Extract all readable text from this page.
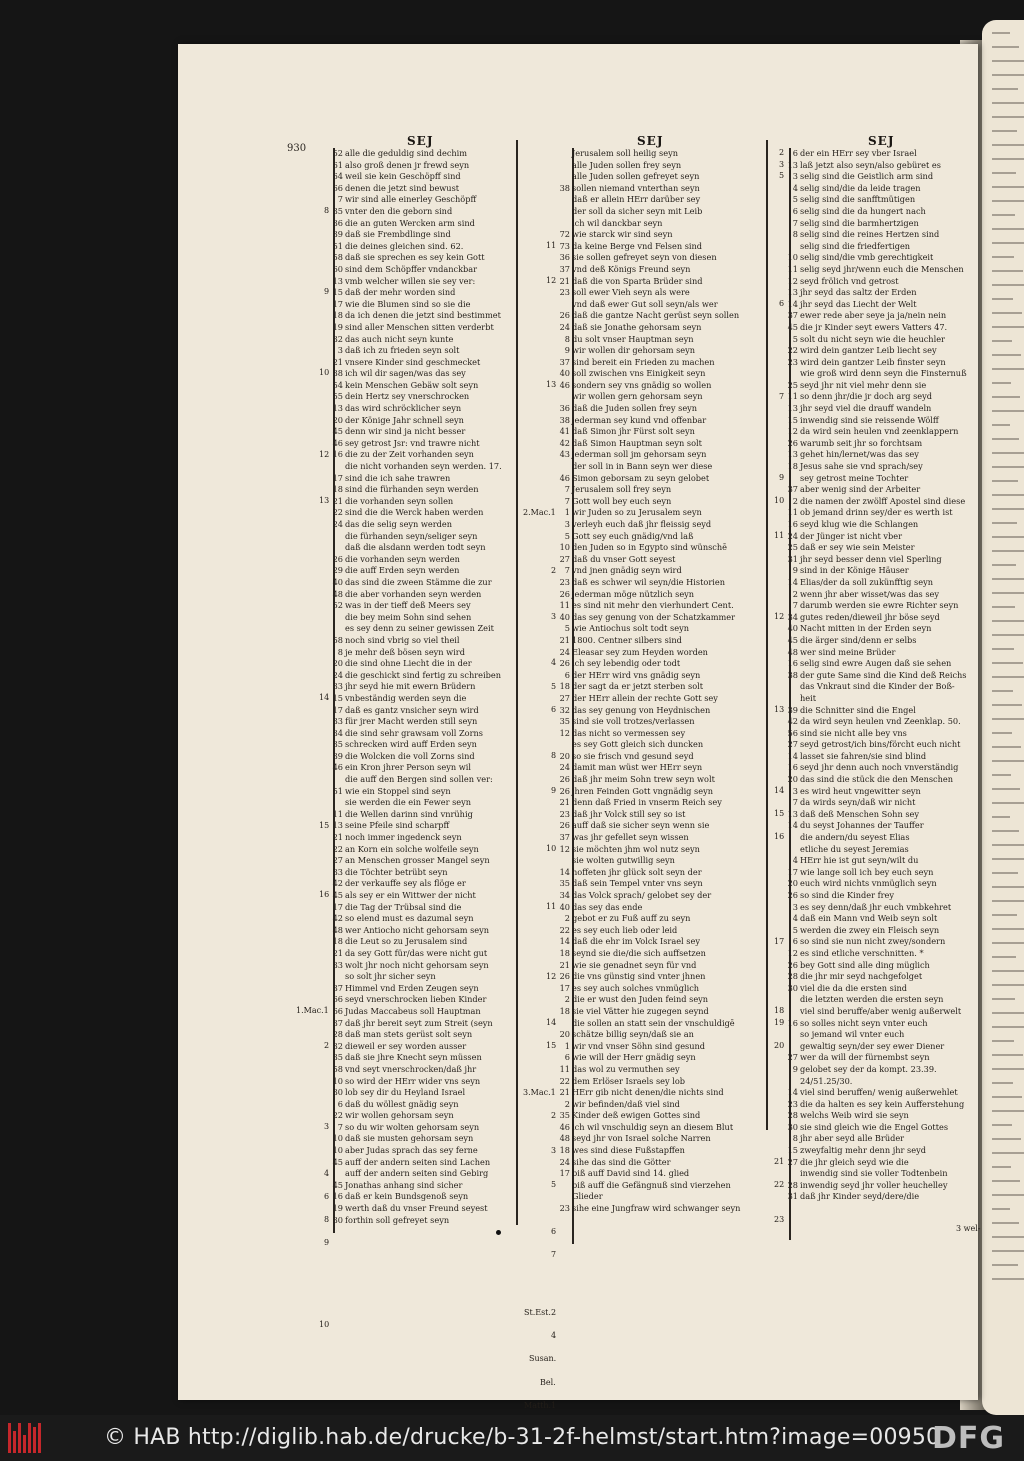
930
SEJ	SEJ	SEJ
52 alle die geduldig sind dechim
61 also groß denen jr frewd seyn
64 weil sie kein Geschöpff sind
66 denen die jetzt sind bewust
7 wir sind alle einerley Geschöpff
35 vnter den die geborn sind
36 die an guten Wercken arm sind
39 daß sie Frembdlinge sind
51 die deines gleichen sind. 62.
58 daß sie sprechen es sey kein Gott
60 sind dem Schöpffer vndanckbar
13 vmb welcher willen sie sey ver:
15 daß der mehr worden sind
17 wie die Blumen sind so sie die
18 da ich denen die jetzt sind bestimmet
19 sind aller Menschen sitten verderbt
32 das auch nicht seyn kunte
3 daß ich zu frieden seyn solt
21 vnsere Kinder sind geschmecket
38 ich wil dir sagen/was das sey
54 kein Menschen Gebäw solt seyn
55 dein Hertz sey vnerschrocken
13 das wird schröcklicher seyn
20 der Könige Jahr schnell seyn
45 denn wir sind ja nicht besser
46 sey getrost Jsr: vnd trawre nicht
16 die zu der Zeit vorhanden seyn
die nicht vorhanden seyn werden. 17.
17 sind die ich sahe trawren
18 sind die fürhanden seyn werden
21 die vorhanden seyn sollen
22 sind die die Werck haben werden
24 das die selig seyn werden
die fürhanden seyn/seliger seyn
daß die alsdann werden todt seyn
26 die vorhanden seyn werden
29 die auff Erden seyn werden
40 das sind die zween Stämme die zur
48 die aber vorhanden seyn werden
52 was in der tieff deß Meers sey
die bey meim Sohn sind sehen
es sey denn zu seiner gewissen Zeit
58 noch sind vbrig so viel theil
8 je mehr deß bösen seyn wird
20 die sind ohne Liecht die in der
24 die geschickt sind fertig zu schreiben
33 jhr seyd hie mit ewern Brüdern
15 vnbeständig werden seyn die
17 daß es gantz vnsicher seyn wird
33 für jrer Macht werden still seyn
34 die sind sehr grawsam voll Zorns
35 schrecken wird auff Erden seyn
39 die Wolcken die voll Zorns sind
46 ein Kron jhrer Person seyn wil
die auff den Bergen sind sollen ver:
51 wie ein Stoppel sind seyn
sie werden die ein Fewer seyn
11 die Wellen darinn sind vnrühig
13 seine Pfeile sind scharpff
21 noch immer ingedenck seyn
22 an Korn ein solche wolfeile seyn
27 an Menschen grosser Mangel seyn
33 die Töchter betrübt seyn
42 der verkauffe sey als flöge er
45 als sey er ein Wittwer der nicht
17 die Tag der Trübsal sind die
42 so elend must es dazumal seyn
48 wer Antiocho nicht gehorsam seyn
18 die Leut so zu Jerusalem sind
21 da sey Gott für/das were nicht gut
33 wolt jhr noch nicht gehorsam seyn
so solt jhr sicher seyn
37 Himmel vnd Erden Zeugen seyn
66 seyd vnerschrocken lieben Kinder
66 Judas Maccabeus soll Hauptman
37 daß jhr bereit seyt zum Streit (seyn
28 daß man stets gerüst solt seyn
32 dieweil er sey worden ausser
35 daß sie jhre Knecht seyn müssen
58 vnd seyt vnerschrocken/daß jhr
10 so wird der HErr wider vns seyn
30 lob sey dir du Heyland Israel
6 daß du wöllest gnädig seyn
22 wir wollen gehorsam seyn
7 so du wir wolten gehorsam seyn
10 daß sie musten gehorsam seyn
10 aber Judas sprach das sey ferne
45 auff der andern seiten sind Lachen
auff der andern seiten sind Gebirg
45 Jonathas anhang sind sicher
16 daß er kein Bundsgenoß seyn
19 werth daß du vnser Freund seyest
30 forthin soll gefreyet seyn
Jerusalem soll heilig seyn
alle Juden sollen frey seyn
alle Juden sollen gefreyet seyn
38 sollen niemand vnterthan seyn
daß er allein HErr darüber sey
der soll da sicher seyn mit Leib
ich wil danckbar seyn
72 wie starck wir sind seyn
73 da keine Berge vnd Felsen sind
36 sie sollen gefreyet seyn von diesen
37 vnd deß Königs Freund seyn
21 daß die von Sparta Brüder sind
23 soll ewer Vieh seyn als were
vnd daß ewer Gut soll seyn/als wer
26 daß die gantze Nacht gerüst seyn sollen
24 daß sie Jonathe gehorsam seyn
8 du solt vnser Hauptman seyn
9 wir wollen dir gehorsam seyn
37 sind bereit ein Frieden zu machen
40 soll zwischen vns Einigkeit seyn
46 sondern sey vns gnädig so wollen
wir wollen gern gehorsam seyn
36 daß die Juden sollen frey seyn
38 jederman sey kund vnd offenbar
41 daß Simon jhr Fürst solt seyn
42 daß Simon Hauptman seyn solt
43 jederman soll jm gehorsam seyn
der soll in in Bann seyn wer diese
46 Simon geborsam zu seyn gelobet
7 Jerusalem soll frey seyn
7 Gott woll bey euch seyn
1 wir Juden so zu Jerusalem seyn
3 verleyh euch daß jhr fleissig seyd
5 Gott sey euch gnädig/vnd laß
10 den Juden so in Egypto sind wünschē
27 daß du vnser Gott seyest
7 vnd jnen gnädig seyn wird
23 daß es schwer wil seyn/die Historien
26 jederman möge nützlich seyn
11 es sind nit mehr den vierhundert Cent.
40 das sey genung von der Schatzkammer
5 wie Antiochus solt todt seyn
21 1800. Centner silbers sind
24 Eleasar sey zum Heyden worden
26 ich sey lebendig oder todt
6 der HErr wird vns gnädig seyn
18 der sagt da er jetzt sterben solt
27 der HErr allein der rechte Gott sey
32 das sey genung von Heydnischen
35 sind sie voll trotzes/verlassen
12 das nicht so vermessen sey
es sey Gott gleich sich duncken
20 so sie frisch vnd gesund seyd
24 damit man wüst wer HErr seyn
26 daß jhr meim Sohn trew seyn wolt
26 jhren Feinden Gott vngnädig seyn
21 denn daß Fried in vnserm Reich sey
23 daß jhr Volck still sey so ist
26 auff daß sie sicher seyn wenn sie
37 was jhr gefellet seyn wissen
12 sie möchten jhm wol nutz seyn
sie wolten gutwillig seyn
14 hoffeten jhr glück solt seyn der
35 daß sein Tempel vnter vns seyn
34 das Volck sprach/ gelobet sey der
40 das sey das ende
2 gebot er zu Fuß auff zu seyn
22 es sey euch lieb oder leid
14 daß die ehr im Volck Israel sey
18 seynd sie die/die sich auffsetzen
21 wie sie genadnet seyn für vnd
26 die vns günstig sind vnter jhnen
17 es sey auch solches vnmüglich
2 die er wust den Juden feind seyn
18 sie viel Vätter hie zugegen seynd
die sollen an statt sein der vnschuldigē
20 schätze billig seyn/daß sie an
1 wir vnd vnser Söhn sind gesund
6 wie will der Herr gnädig seyn
11 das wol zu vermuthen sey
22 dem Erlöser Israels sey lob
21 HErr gib nicht denen/die nichts sind
2 wir befinden/daß viel sind
35 Kinder deß ewigen Gottes sind
46 ich wil vnschuldig seyn an diesem Blut
48 seyd jhr von Israel solche Narren
18 wes sind diese Fußstapffen
24 sihe das sind die Götter
17 biß auff David sind 14. glied
biß auff die Gefängnuß sind vierzehen
Glieder
23 sihe eine Jungfraw wird schwanger seyn
6 der ein HErr sey vber Israel
13 laß jetzt also seyn/also gebüret es
3 selig sind die Geistlich arm sind
4 selig sind/die da leide tragen
5 selig sind die sanfftmütigen
6 selig sind die da hungert nach
7 selig sind die barmhertzigen
8 selig sind die reines Hertzen sind
selig sind die friedfertigen
10 selig sind/die vmb gerechtigkeit
11 selig seyd jhr/wenn euch die Menschen
12 seyd frölich vnd getrost
13 jhr seyd das saltz der Erden
14 jhr seyd das Liecht der Welt
37 ewer rede aber seye ja ja/nein nein
45 die jr Kinder seyt ewers Vatters 47.
5 solt du nicht seyn wie die heuchler
22 wird dein gantzer Leib liecht sey
23 wird dein gantzer Leib finster seyn
wie groß wird denn seyn die Finsternuß
25 seyd jhr nit viel mehr denn sie
11 so denn jhr/die jr doch arg seyd
13 jhr seyd viel die drauff wandeln
15 inwendig sind sie reissende Wölff
12 da wird sein heulen vnd zeenklappern
26 warumb seit jhr so forchtsam
13 gehet hin/lernet/was das sey
18 Jesus sahe sie vnd sprach/sey
sey getrost meine Tochter
37 aber wenig sind der Arbeiter
2 die namen der zwölff Apostel sind diese
11 ob jemand drinn sey/der es werth ist
16 seyd klug wie die Schlangen
24 der Jünger ist nicht vber
25 daß er sey wie sein Meister
31 jhr seyd besser denn viel Sperling
9 sind in der Könige Häuser
14 Elias/der da soll zukünfftig seyn
2 wenn jhr aber wisset/was das sey
7 darumb werden sie ewre Richter seyn
34 gutes reden/dieweil jhr böse seyd
40 Nacht mitten in der Erden seyn
45 die ärger sind/denn er selbs
48 wer sind meine Brüder
16 selig sind ewre Augen daß sie sehen
38 der gute Same sind die Kind deß Reichs
das Vnkraut sind die Kinder der Boß-
heit
39 die Schnitter sind die Engel
42 da wird seyn heulen vnd Zeenklap. 50.
56 sind sie nicht alle bey vns
27 seyd getrost/ich bins/förcht euch nicht
14 lasset sie fahren/sie sind blind
16 seyd jhr denn auch noch vnverständig
20 das sind die stück die den Menschen
3 es wird heut vngewitter seyn
7 da wirds seyn/daß wir nicht
13 daß deß Menschen Sohn sey
14 du seyst Johannes der Tauffer
die andern/du seyest Elias
etliche du seyest Jeremias
4 HErr hie ist gut seyn/wilt du
17 wie lange soll ich bey euch seyn
20 euch wird nichts vnmüglich seyn
26 so sind die Kinder frey
3 es sey denn/daß jhr euch vmbkehret
4 daß ein Mann vnd Weib seyn solt
5 werden die zwey ein Fleisch seyn
6 so sind sie nun nicht zwey/sondern
12 es sind etliche verschnitten. *
26 bey Gott sind alle ding müglich
28 die jhr mir seyd nachgefolget
30 viel die da die ersten sind
die letzten werden die ersten seyn
viel sind beruffe/aber wenig außerwelt
16 so solles nicht seyn vnter euch
so jemand wil vnter euch
gewaltig seyn/der sey ewer Diener
27 wer da will der fürnembst seyn
9 gelobet sey der da kompt. 23.39.
24/51.25/30.
14 viel sind beruffen/ wenig außerwehlet
23 die da halten es sey kein Aufferstehung
28 welchs Weib wird sie seyn
30 sie sind gleich wie die Engel Gottes
8 jhr aber seyd alle Brüder
15 zweyfaltig mehr denn jhr seyd
27 die jhr gleich seyd wie die
inwendig sind sie voller Todtenbein
28 inwendig seyd jhr voller heuchelley
31 daß jhr Kinder seyd/dere/die
3 wel-
8
9
10
12
13
14
15
16
1.Mac.1
2
3
4
6
8
9
10
11
12
13
2.Mac.1
2
3
4
5
6
8
9
10
11
12
14
15
3.Mac.1
2
3
5
6
7
St.Est.2
4
Susan.
Bel.
Matth.1
2
3
5
6
7
9
10
11
12
13
14
15
16
17
18
19
20
21
22
23
© HAB http://diglib.hab.de/drucke/b-31-2f-helmst/start.htm?image=00950
DFG
